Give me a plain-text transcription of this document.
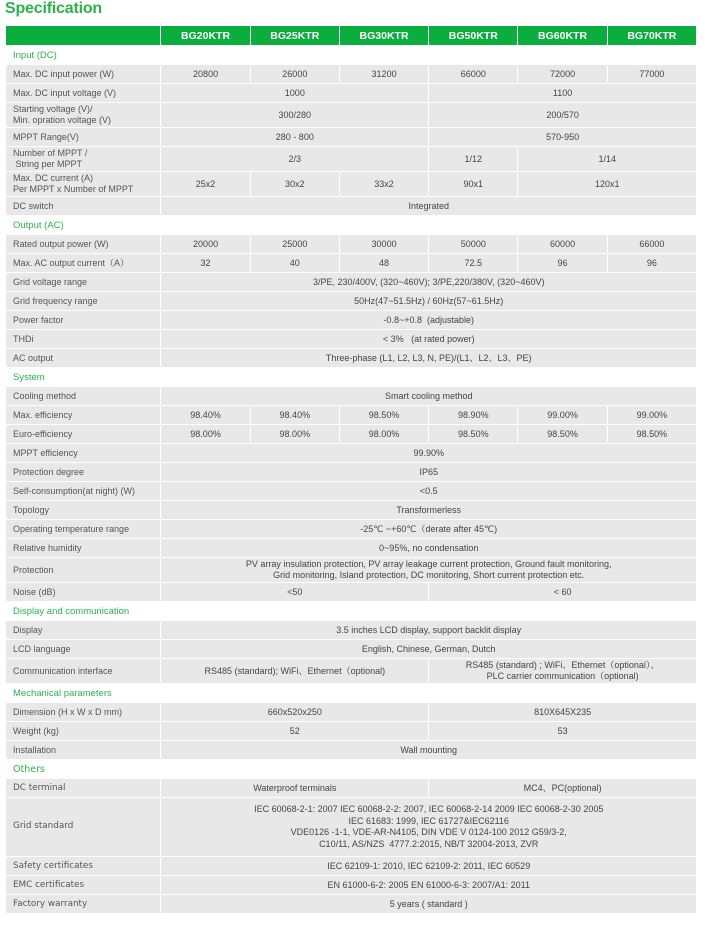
Specification
	BG20KTR	BG25KTR	BG30KTR	BG50KTR	BG60KTR	BG70KTR
Input (DC)						
Max. DC input power (W)	20800	26000	31200	66000	72000	77000
Max. DC input voltage (V)	1000			1100		
Starting voltage (V)/
Min. opration voltage (V)	300/280			200/570		
MPPT Range(V)	280 - 800			570-950		
Number of MPPT /
String per MPPT	2/3			1/12	1/14	
Max. DC current (A)
Per MPPT x Number of MPPT	25x2	30x2	33x2	90x1	120x1	
DC switch	Integrated					
Output (AC)						
Rated output power (W)	20000	25000	30000	50000	60000	66000
Max. AC output current（A）	32	40	48	72.5	96	96
Grid voltage range	3/PE, 230/400V, (320~460V); 3/PE,220/380V, (320~460V)					
Grid frequency range	50Hz(47~51.5Hz) / 60Hz(57~61.5Hz)					
Power factor	-0.8~+0.8  (adjustable)					
THDi	< 3%   (at rated power)					
AC output	Three-phase (L1, L2, L3, N, PE)/(L1、L2、L3、PE)					
System						
Cooling method	Smart cooling method					
Max. efficiency	98.40%	98.40%	98.50%	98.90%	99.00%	99.00%
Euro-efficiency	98.00%	98.00%	98.00%	98.50%	98.50%	98.50%
MPPT efficiency	99.90%					
Protection degree	IP65					
Self-consumption(at night) (W)	<0.5					
Topology	Transformerless					
Operating temperature range	-25℃ ~+60℃（derate after 45℃)					
Relative humidity	0~95%, no condensation					
Protection	PV array insulation protection, PV array leakage current protection, Ground fault monitoring,
Grid monitoring, Island protection, DC monitoring, Short current protection etc.					
Noise (dB)	<50			< 60		
Display and communication						
Display	3.5 inches LCD display, support backlit display					
LCD language	English, Chinese, German, Dutch					
Communication interface	RS485 (standard); WiFi、Ethernet（optional)			RS485 (standard) ; WiFi、Ethernet（optional）、
PLC carrier communication（optional)		
Mechanical parameters						
Dimension (H x W x D mm)	660x520x250			810X645X235		
Weight (kg)	52			53		
Installation	Wall mounting					
Others						
DC terminal	Waterproof terminals			MC4、PC(optional)		
Grid standard	IEC 60068-2-1: 2007 IEC 60068-2-2: 2007, IEC 60068-2-14 2009 IEC 60068-2-30 2005
IEC 61683: 1999, IEC 61727&IEC62116
VDE0126 -1-1, VDE-AR-N4105, DIN VDE V 0124-100 2012 G59/3-2,
C10/11, AS/NZS  4777.2:2015, NB/T 32004-2013, ZVR					
Safety certificates	IEC 62109-1: 2010, IEC 62109-2: 2011, IEC 60529					
EMC certificates	EN 61000-6-2: 2005 EN 61000-6-3: 2007/A1: 2011					
Factory warranty	5 years ( standard )					
